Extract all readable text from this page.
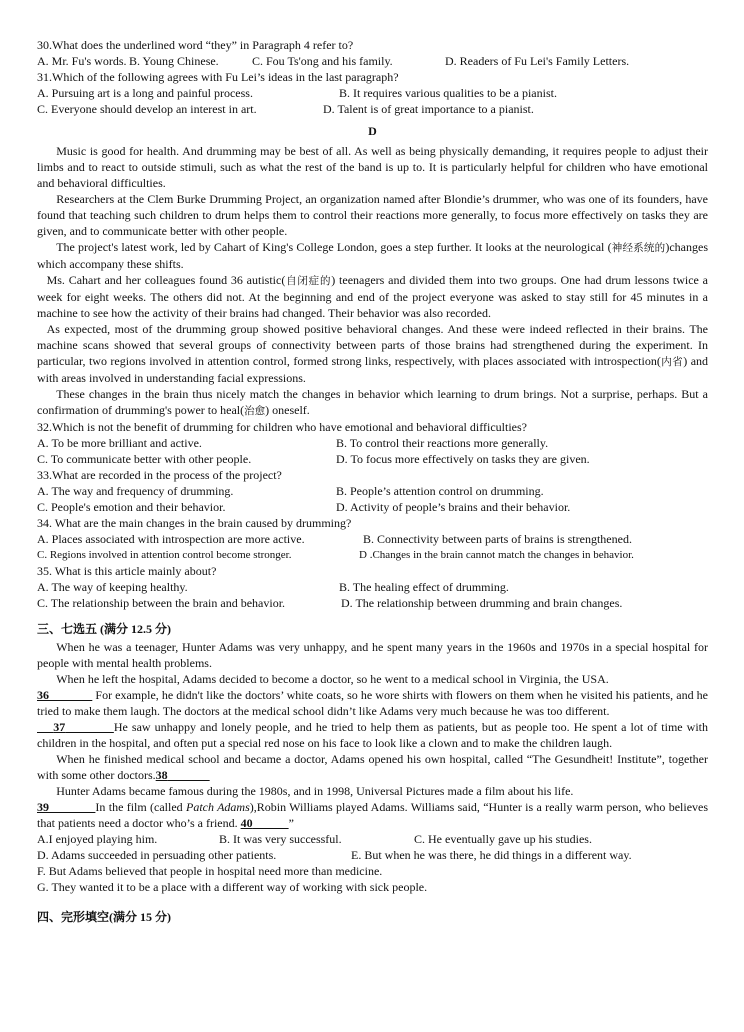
30.What does the underlined word “they” in Paragraph 4 refer to?
A. Mr. Fu's words. B. Young Chinese.	C. Fou Ts'ong and his family.	D. Readers of Fu Lei's Family Letters.
31.Which of the following agrees with Fu Lei’s ideas in the last paragraph?
A. Pursuing art is a long and painful process.	B. It requires various qualities to be a pianist.
C. Everyone should develop an interest in art.	D. Talent is of great importance to a pianist.
D

Music is good for health. And drumming may be best of all. As well as being physically demanding, it requires people to adjust their limbs and to react to outside stimuli, such as what the rest of the band is up to. It is particularly helpful for children who have emotional and behavioral difficulties.

Researchers at the Clem Burke Drumming Project, an organization named after Blondie’s drummer, who was one of its founders, have found that teaching such children to drum helps them to control their reactions more generally, to focus more effectively on tasks they are given, and to communicate better with other people.

The project's latest work, led by Cahart of King's College London, goes a step further. It looks at the neurological (神经系统的)changes which accompany these shifts.

Ms. Cahart and her colleagues found 36 autistic(自闭症的) teenagers and divided them into two groups. One had drum lessons twice a week for eight weeks. The others did not. At the beginning and end of the project everyone was asked to stay still for 45 minutes in a machine to see how the activity of their brains had changed. Their behavior was also recorded.

As expected, most of the drumming group showed positive behavioral changes. And these were indeed reflected in their brains. The machine scans showed that several groups of connectivity between parts of those brains had strengthened during the experiment. In particular, two regions involved in attention control, formed strong links, respectively, with places associated with introspection(内省) and with areas involved in understanding facial expressions.

These changes in the brain thus nicely match the changes in behavior which learning to drum brings. Not a surprise, perhaps. But a confirmation of drumming's power to heal(治愈) oneself.

32.Which is not the benefit of drumming for children who have emotional and behavioral difficulties?
A. To be more brilliant and active.	B. To control their reactions more generally.
C. To communicate better with other people.	D. To focus more effectively on tasks they are given.
33.What are recorded in the process of the project?
A. The way and frequency of drumming.	B. People’s attention control on drumming.
C. People's emotion and their behavior.	D. Activity of people’s brains and their behavior.
34. What are the main changes in the brain caused by drumming?
A. Places associated with introspection are more active.	B. Connectivity between parts of brains is strengthened.
C. Regions involved in attention control become stronger.	D .Changes in the brain cannot match the changes in behavior.
35. What is this article mainly about?
A. The way of keeping healthy.	B. The healing effect of drumming.
C. The relationship between the brain and behavior.	D. The relationship between drumming and brain changes.
三、七选五 (满分 12.5 分)

When he was a teenager, Hunter Adams was very unhappy, and he spent many years in the 1960s and 1970s in a special hospital for people with mental health problems.

When he left the hospital, Adams decided to become a doctor, so he went to a medical school in Virginia, the USA.

36	For example, he didn't like the doctors’ white coats, so he wore shirts with flowers on them when he visited his patients, and he tried to make them laugh. The doctors at the medical school didn’t like Adams very much because he was too different.

37	He saw unhappy and lonely people, and he tried to help them as patients, but as people too. He spent a lot of time with children in the hospital, and often put a special red nose on his face to look like a clown and to make the children laugh.

When he finished medical school and became a doctor, Adams opened his own hospital, called “The Gesundheit! Institute”, together with some other doctors.38

Hunter Adams became famous during the 1980s, and in 1998, Universal Pictures made a film about his life.

39	In the film (called Patch Adams),Robin Williams played Adams. Williams said, “Hunter is a really warm person, who believes that patients need a doctor who’s a friend. 40	”

A.I enjoyed playing him.	B. It was very successful.	C. He eventually gave up his studies.
D. Adams succeeded in persuading other patients.	E. But when he was there, he did things in a different way.
F. But Adams believed that people in hospital need more than medicine.
G. They wanted it to be a place with a different way of working with sick people.
四、完形填空(满分 15 分)
